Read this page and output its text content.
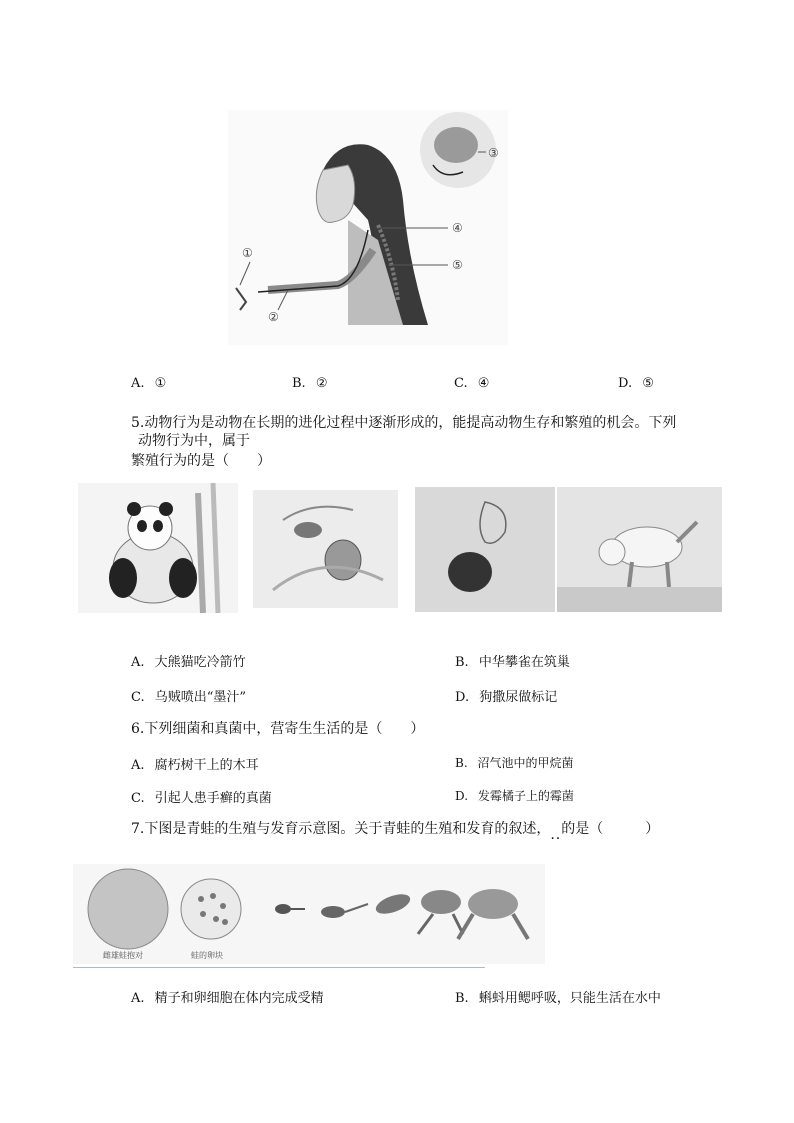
①
②
③
④
⑤
A. ①	B. ②	C. ④	D. ⑤
5.动物行为是动物在长期的进化过程中逐渐形成的，能提高动物生存和繁殖的机会。下列
动物行为中，属于
繁殖行为的是（　　）
A. 大熊猫吃冷箭竹	B. 中华攀雀在筑巢
C. 乌贼喷出“墨汁”	D. 狗撒尿做标记
6.下列细菌和真菌中，营寄生生活的是（　　）
A. 腐朽树干上的木耳	B. 沼气池中的甲烷菌
C. 引起人患手癣的真菌	D. 发霉橘子上的霉菌
7.下图是青蛙的生殖与发育示意图。关于青蛙的生殖和发育的叙述，..的是（　　　）
雌雄蛙抱对	蛙的卵块
A. 精子和卵细胞在体内完成受精	B. 蝌蚪用鳃呼吸，只能生活在水中
